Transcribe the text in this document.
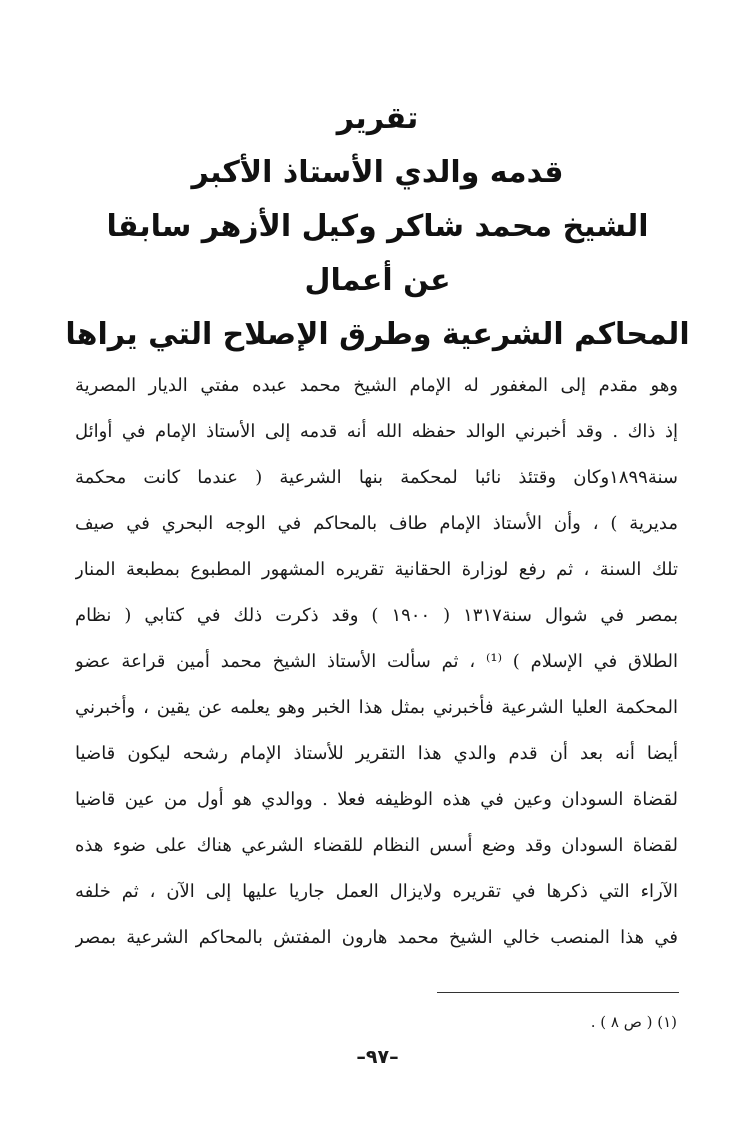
تقرير
قدمه والدي الأستاذ الأكبر
الشيخ محمد شاكر وكيل الأزهر سابقا
عن أعمال
المحاكم الشرعية وطرق الإصلاح التي يراها
وهو مقدم إلى المغفور له الإمام الشيخ محمد عبده مفتي الديار المصرية
إذ ذاك . وقد أخبرني الوالد حفظه الله أنه قدمه إلى الأستاذ الإمام في أوائل
سنة١٨٩٩وكان وقتئذ نائبا لمحكمة بنها الشرعية ( عندما كانت محكمة
مديرية ) ، وأن الأستاذ الإمام طاف بالمحاكم في الوجه البحري في صيف
تلك السنة ، ثم رفع لوزارة الحقانية تقريره المشهور المطبوع بمطبعة المنار
بمصر في شوال سنة١٣١٧ ( ١٩٠٠ ) وقد ذكرت ذلك في كتابي ( نظام
الطلاق في الإسلام ) ⁽¹⁾ ، ثم سألت الأستاذ الشيخ محمد أمين قراعة عضو
المحكمة العليا الشرعية فأخبرني بمثل هذا الخبر وهو يعلمه عن يقين ، وأخبرني
أيضا أنه بعد أن قدم والدي هذا التقرير للأستاذ الإمام رشحه ليكون قاضيا
لقضاة السودان وعين في هذه الوظيفه فعلا . ووالدي هو أول من عين قاضيا
لقضاة السودان وقد وضع أسس النظام للقضاء الشرعي هناك على ضوء هذه
الآراء التي ذكرها في تقريره ولايزال العمل جاريا عليها إلى الآن ، ثم خلفه
في هذا المنصب خالي الشيخ محمد هارون المفتش بالمحاكم الشرعية بمصر
(١) ( ص ٨ ) .
–٩٧–
